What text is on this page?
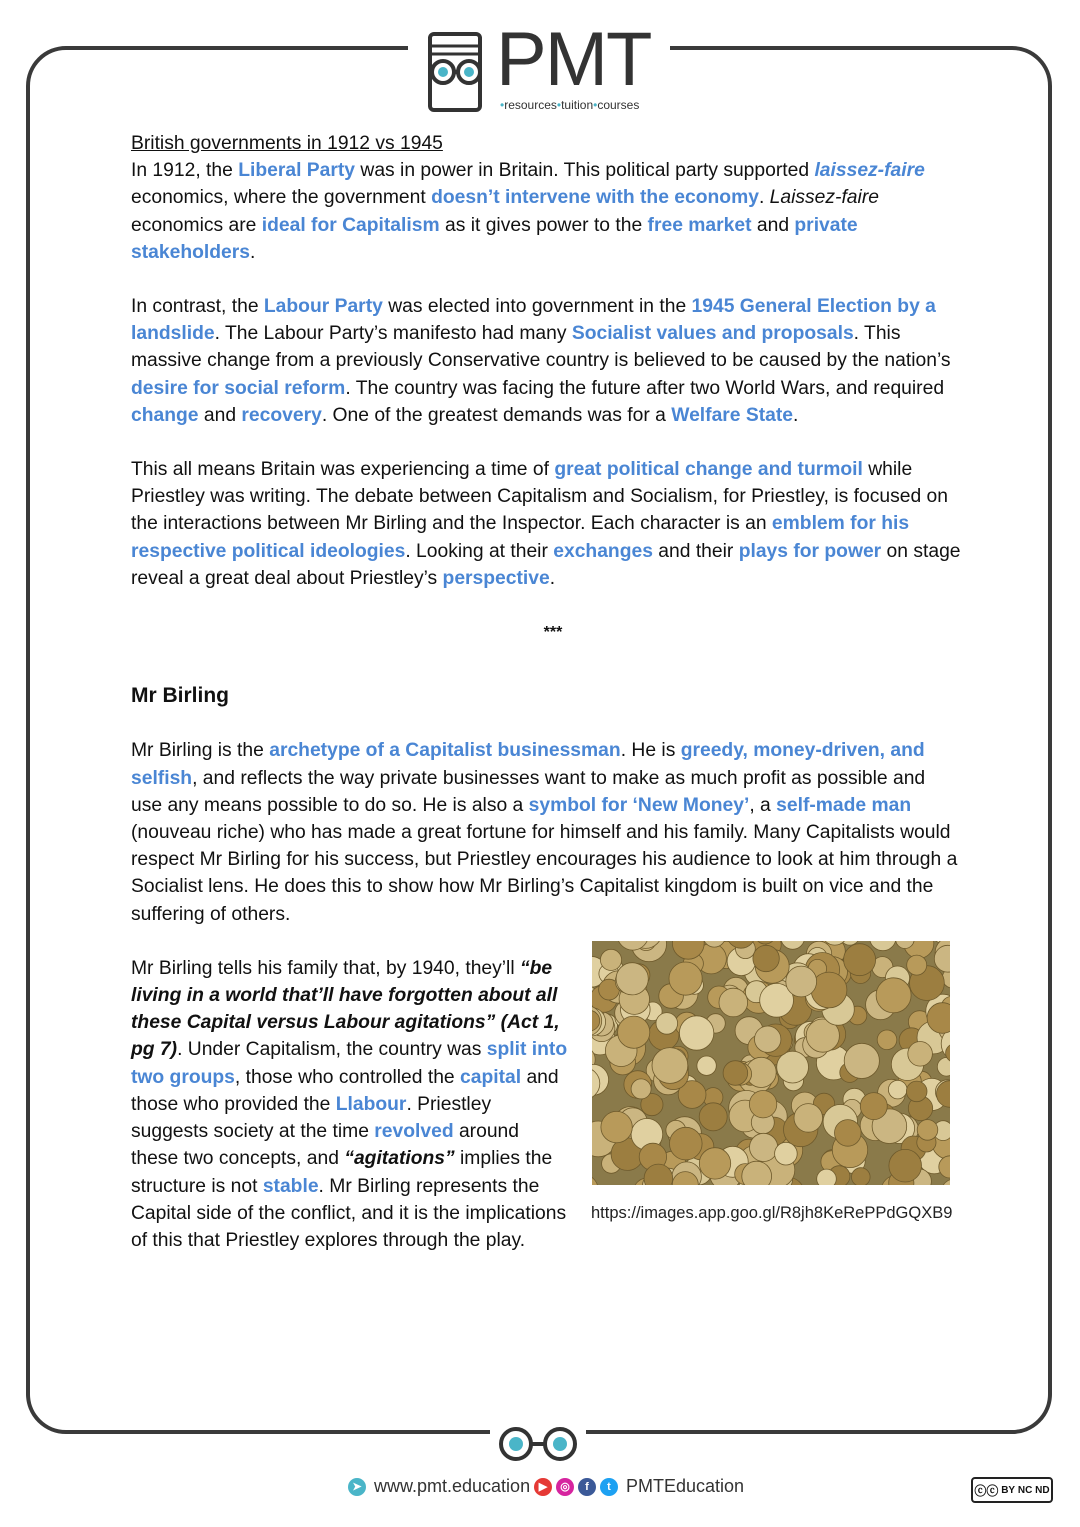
PMT
•resources•tuition•courses

British governments in 1912 vs 1945

In 1912, the Liberal Party was in power in Britain. This political party supported laissez-faire economics, where the government doesn’t intervene with the economy. Laissez-faire economics are ideal for Capitalism as it gives power to the free market and private stakeholders.

In contrast, the Labour Party was elected into government in the 1945 General Election by a landslide. The Labour Party’s manifesto had many Socialist values and proposals. This massive change from a previously Conservative country is believed to be caused by the nation’s desire for social reform. The country was facing the future after two World Wars, and required change and recovery. One of the greatest demands was for a Welfare State.

This all means Britain was experiencing a time of great political change and turmoil while Priestley was writing. The debate between Capitalism and Socialism, for Priestley, is focused on the interactions between Mr Birling and the Inspector. Each character is an emblem for his respective political ideologies. Looking at their exchanges and their plays for power on stage reveal a great deal about Priestley’s perspective.

***
Mr Birling

Mr Birling is the archetype of a Capitalist businessman. He is greedy, money-driven, and selfish, and reflects the way private businesses want to make as much profit as possible and use any means possible to do so. He is also a symbol for ‘New Money’, a self-made man (nouveau riche) who has made a great fortune for himself and his family. Many Capitalists would respect Mr Birling for his success, but Priestley encourages his audience to look at him through a Socialist lens. He does this to show how Mr Birling’s Capitalist kingdom is built on vice and the suffering of others.

Mr Birling tells his family that, by 1940, they’ll “be living in a world that’ll have forgotten about all these Capital versus Labour agitations” (Act 1, pg 7). Under Capitalism, the country was split into two groups, those who controlled the capital and those who provided the Llabour. Priestley suggests society at the time revolved around these two concepts, and “agitations” implies the structure is not stable. Mr Birling represents the Capital side of the conflict, and it is the implications of this that Priestley explores through the play.

https://images.app.goo.gl/R8jh8KeRePPdGQXB9
➤ www.pmt.education ▶	◎	f	t PMTEducation	ⓒⓒ BY NC ND
